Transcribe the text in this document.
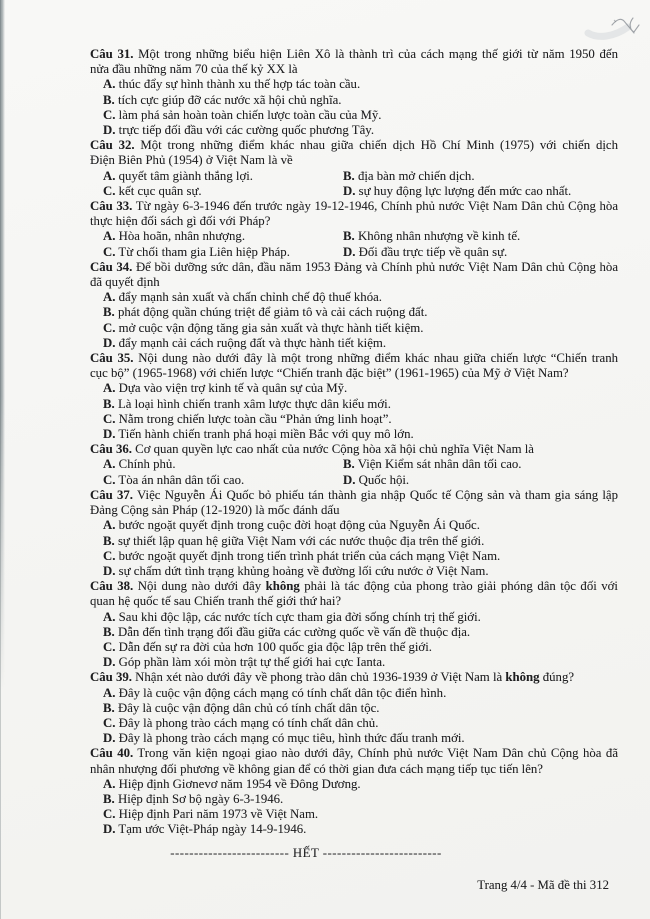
Câu 31. Một trong những biểu hiện Liên Xô là thành trì của cách mạng thế giới từ năm 1950 đến
nửa đầu những năm 70 của thế kỷ XX là
A. thúc đẩy sự hình thành xu thế hợp tác toàn cầu.
B. tích cực giúp đỡ các nước xã hội chủ nghĩa.
C. làm phá sản hoàn toàn chiến lược toàn cầu của Mỹ.
D. trực tiếp đối đầu với các cường quốc phương Tây.
Câu 32. Một trong những điểm khác nhau giữa chiến dịch Hồ Chí Minh (1975) với chiến dịch
Điện Biên Phủ (1954) ở Việt Nam là về
A. quyết tâm giành thắng lợi.	B. địa bàn mở chiến dịch.
C. kết cục quân sự.	D. sự huy động lực lượng đến mức cao nhất.
Câu 33. Từ ngày 6-3-1946 đến trước ngày 19-12-1946, Chính phủ nước Việt Nam Dân chủ Cộng hòa
thực hiện đối sách gì đối với Pháp?
A. Hòa hoãn, nhân nhượng.	B. Không nhân nhượng về kinh tế.
C. Từ chối tham gia Liên hiệp Pháp.	D. Đối đầu trực tiếp về quân sự.
Câu 34. Để bồi dưỡng sức dân, đầu năm 1953 Đảng và Chính phủ nước Việt Nam Dân chủ Cộng hòa
đã quyết định
A. đẩy mạnh sản xuất và chấn chỉnh chế độ thuế khóa.
B. phát động quần chúng triệt để giảm tô và cải cách ruộng đất.
C. mở cuộc vận động tăng gia sản xuất và thực hành tiết kiệm.
D. đẩy mạnh cải cách ruộng đất và thực hành tiết kiệm.
Câu 35. Nội dung nào dưới đây là một trong những điểm khác nhau giữa chiến lược “Chiến tranh
cục bộ” (1965-1968) với chiến lược “Chiến tranh đặc biệt” (1961-1965) của Mỹ ở Việt Nam?
A. Dựa vào viện trợ kinh tế và quân sự của Mỹ.
B. Là loại hình chiến tranh xâm lược thực dân kiểu mới.
C. Nằm trong chiến lược toàn cầu “Phản ứng linh hoạt”.
D. Tiến hành chiến tranh phá hoại miền Bắc với quy mô lớn.
Câu 36. Cơ quan quyền lực cao nhất của nước Cộng hòa xã hội chủ nghĩa Việt Nam là
A. Chính phủ.	B. Viện Kiểm sát nhân dân tối cao.
C. Tòa án nhân dân tối cao.	D. Quốc hội.
Câu 37. Việc Nguyễn Ái Quốc bỏ phiếu tán thành gia nhập Quốc tế Cộng sản và tham gia sáng lập
Đảng Cộng sản Pháp (12-1920) là mốc đánh dấu
A. bước ngoặt quyết định trong cuộc đời hoạt động của Nguyễn Ái Quốc.
B. sự thiết lập quan hệ giữa Việt Nam với các nước thuộc địa trên thế giới.
C. bước ngoặt quyết định trong tiến trình phát triển của cách mạng Việt Nam.
D. sự chấm dứt tình trạng khủng hoảng về đường lối cứu nước ở Việt Nam.
Câu 38. Nội dung nào dưới đây không phải là tác động của phong trào giải phóng dân tộc đối với
quan hệ quốc tế sau Chiến tranh thế giới thứ hai?
A. Sau khi độc lập, các nước tích cực tham gia đời sống chính trị thế giới.
B. Dẫn đến tình trạng đối đầu giữa các cường quốc về vấn đề thuộc địa.
C. Dẫn đến sự ra đời của hơn 100 quốc gia độc lập trên thế giới.
D. Góp phần làm xói mòn trật tự thế giới hai cực Ianta.
Câu 39. Nhận xét nào dưới đây về phong trào dân chủ 1936-1939 ở Việt Nam là không đúng?
A. Đây là cuộc vận động cách mạng có tính chất dân tộc điển hình.
B. Đây là cuộc vận động dân chủ có tính chất dân tộc.
C. Đây là phong trào cách mạng có tính chất dân chủ.
D. Đây là phong trào cách mạng có mục tiêu, hình thức đấu tranh mới.
Câu 40. Trong văn kiện ngoại giao nào dưới đây, Chính phủ nước Việt Nam Dân chủ Cộng hòa đã
nhân nhượng đối phương về không gian để có thời gian đưa cách mạng tiếp tục tiến lên?
A. Hiệp định Giơnevơ năm 1954 về Đông Dương.
B. Hiệp định Sơ bộ ngày 6-3-1946.
C. Hiệp định Pari năm 1973 về Việt Nam.
D. Tạm ước Việt-Pháp ngày 14-9-1946.
------------------------- HẾT -------------------------
Trang 4/4 - Mã đề thi 312
